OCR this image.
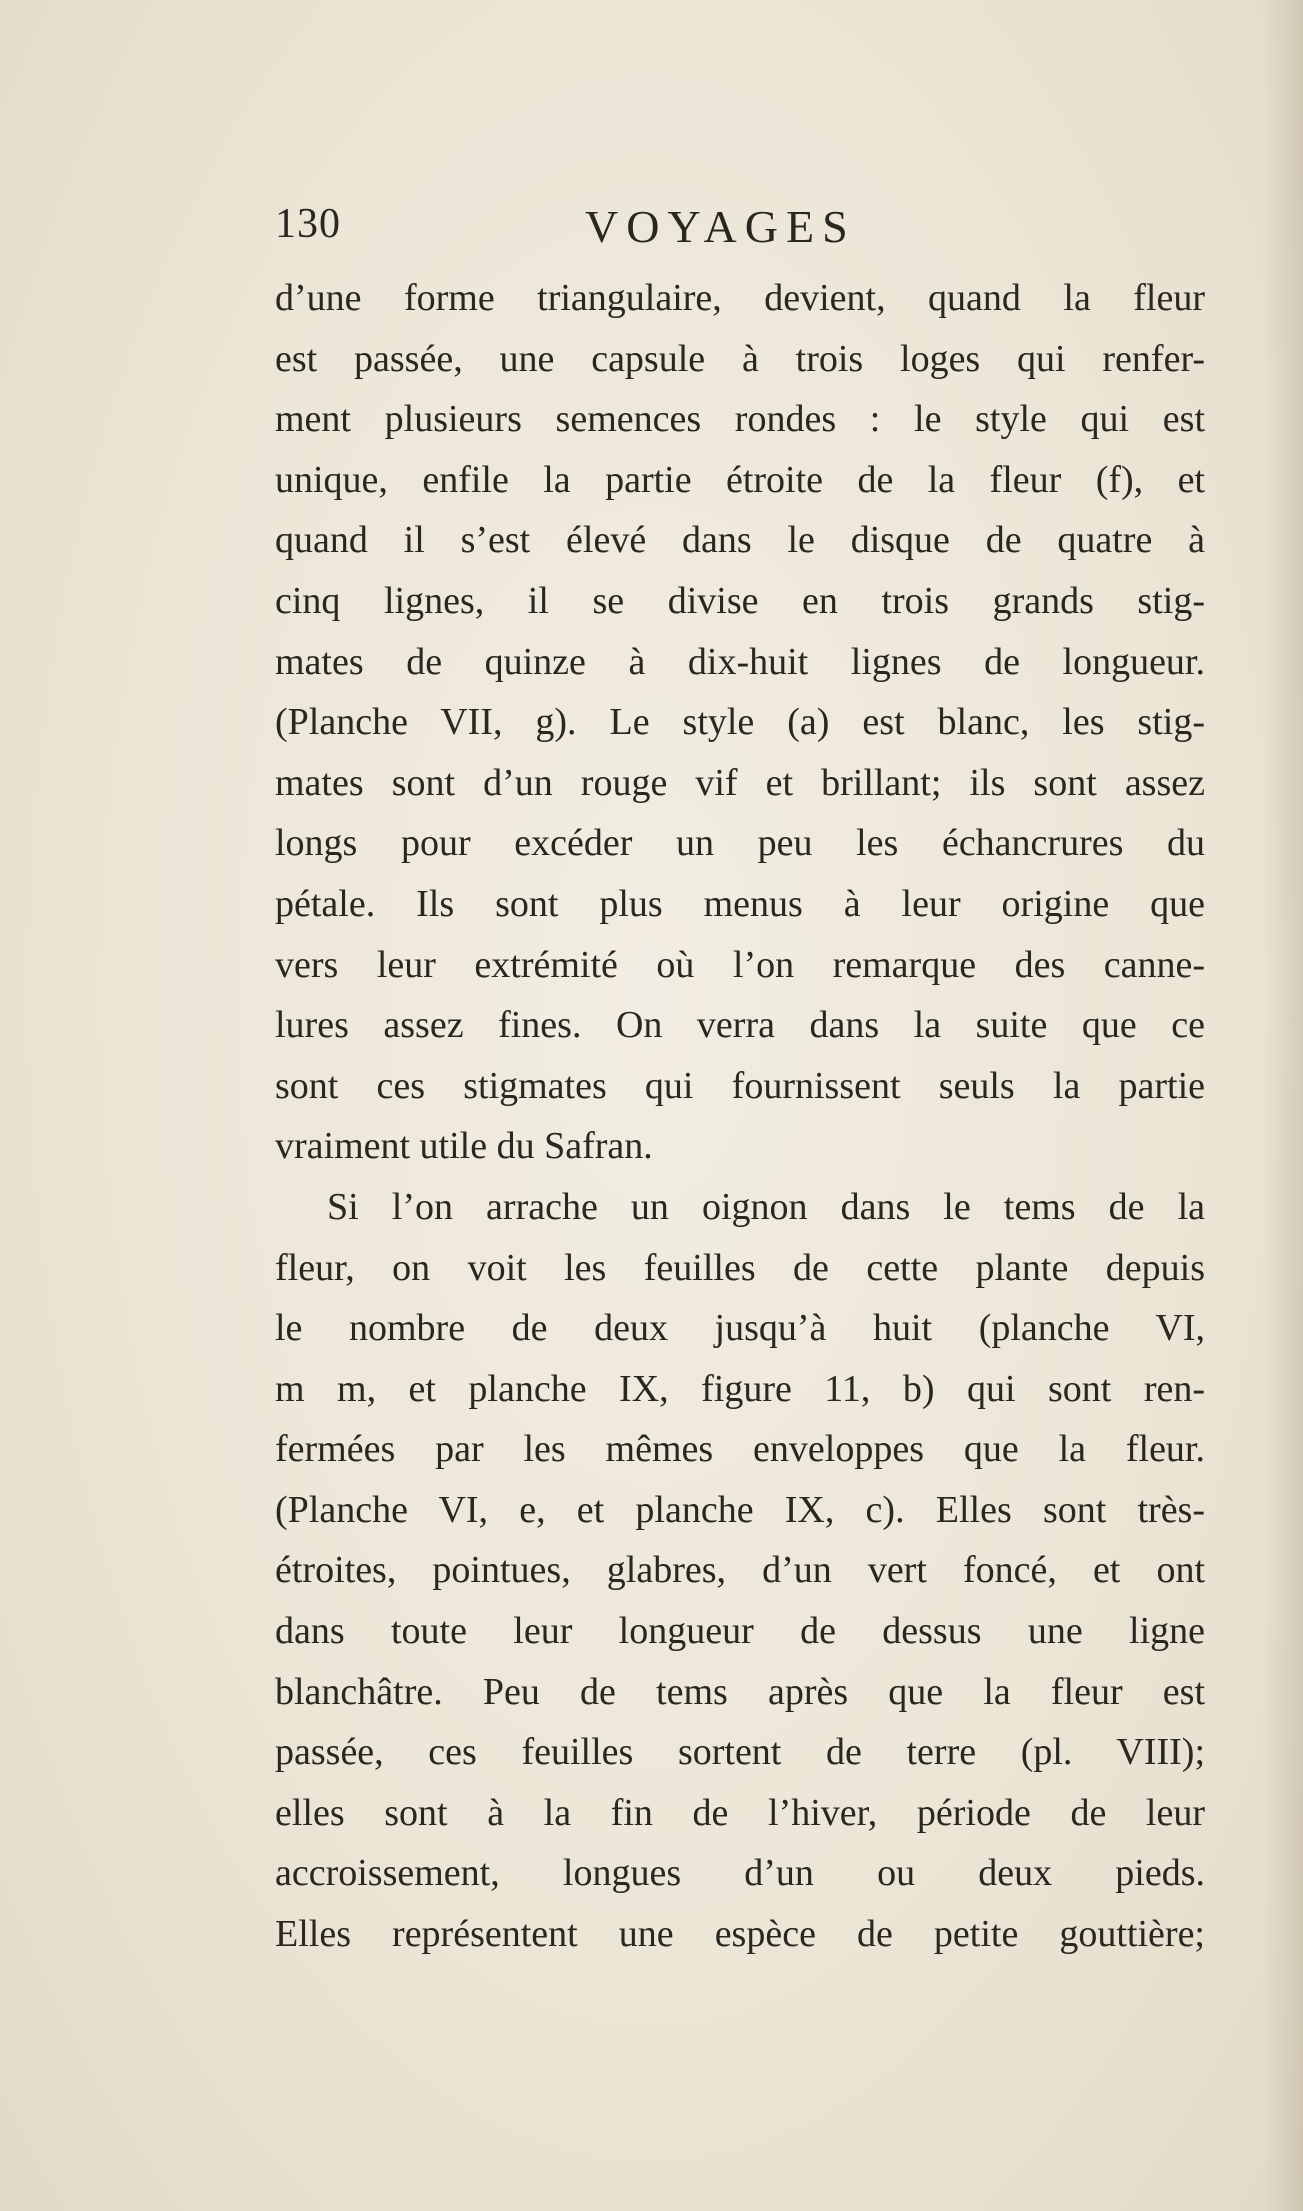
130	VOYAGES
d’une forme triangulaire, devient, quand la fleur
est passée, une capsule à trois loges qui renfer-
ment plusieurs semences rondes : le style qui est
unique, enfile la partie étroite de la fleur (f), et
quand il s’est élevé dans le disque de quatre à
cinq lignes, il se divise en trois grands stig-
mates de quinze à dix-huit lignes de longueur.
(Planche VII, g). Le style (a) est blanc, les stig-
mates sont d’un rouge vif et brillant; ils sont assez
longs pour excéder un peu les échancrures du
pétale. Ils sont plus menus à leur origine que
vers leur extrémité où l’on remarque des canne-
lures assez fines. On verra dans la suite que ce
sont ces stigmates qui fournissent seuls la partie
vraiment utile du Safran.
Si l’on arrache un oignon dans le tems de la
fleur, on voit les feuilles de cette plante depuis
le nombre de deux jusqu’à huit (planche VI,
m m, et planche IX, figure 11, b) qui sont ren-
fermées par les mêmes enveloppes que la fleur.
(Planche VI, e, et planche IX, c). Elles sont très-
étroites, pointues, glabres, d’un vert foncé, et ont
dans toute leur longueur de dessus une ligne
blanchâtre. Peu de tems après que la fleur est
passée, ces feuilles sortent de terre (pl. VIII);
elles sont à la fin de l’hiver, période de leur
accroissement, longues d’un ou deux pieds.
Elles représentent une espèce de petite gouttière;
